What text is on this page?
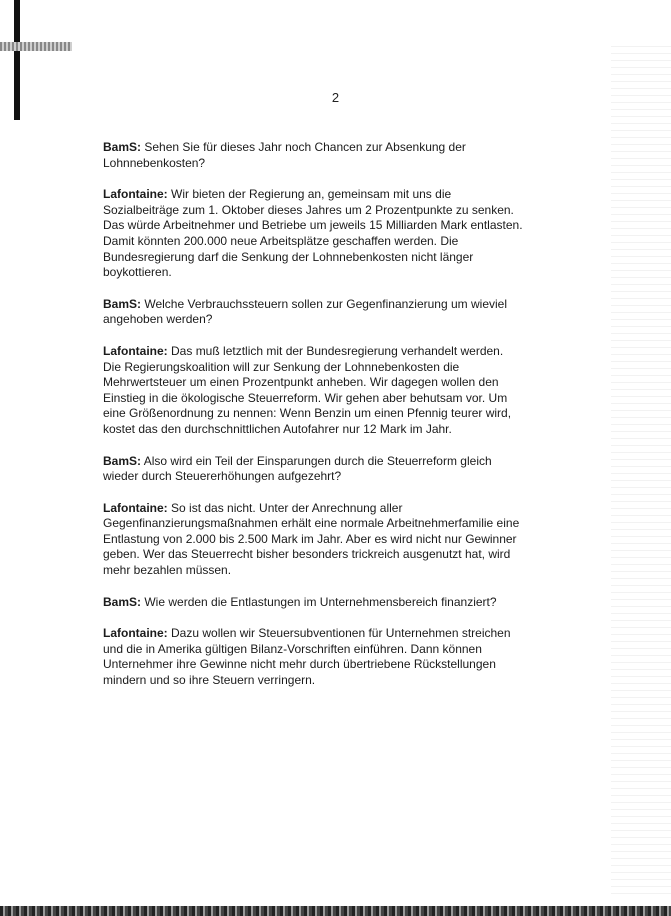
2

BamS: Sehen Sie für dieses Jahr noch Chancen zur Absenkung der Lohnnebenkosten?

Lafontaine: Wir bieten der Regierung an, gemeinsam mit uns die Sozialbeiträge zum 1. Oktober dieses Jahres um 2 Prozentpunkte zu senken. Das würde Arbeitnehmer und Betriebe um jeweils 15 Milliarden Mark entlasten. Damit könnten 200.000 neue Arbeitsplätze geschaffen werden. Die Bundesregierung darf die Senkung der Lohnnebenkosten nicht länger boykottieren.

BamS: Welche Verbrauchssteuern sollen zur Gegenfinanzierung um wieviel angehoben werden?

Lafontaine: Das muß letztlich mit der Bundesregierung verhandelt werden. Die Regierungskoalition will zur Senkung der Lohnnebenkosten die Mehrwertsteuer um einen Prozentpunkt anheben. Wir dagegen wollen den Einstieg in die ökologische Steuerreform. Wir gehen aber behutsam vor. Um eine Größenordnung zu nennen: Wenn Benzin um einen Pfennig teurer wird, kostet das den durchschnittlichen Autofahrer nur 12 Mark im Jahr.

BamS: Also wird ein Teil der Einsparungen durch die Steuerreform gleich wieder durch Steuererhöhungen aufgezehrt?

Lafontaine: So ist das nicht. Unter der Anrechnung aller Gegenfinanzierungsmaßnahmen erhält eine normale Arbeitnehmerfamilie eine Entlastung von 2.000 bis 2.500 Mark im Jahr. Aber es wird nicht nur Gewinner geben. Wer das Steuerrecht bisher besonders trickreich ausgenutzt hat, wird mehr bezahlen müssen.

BamS: Wie werden die Entlastungen im Unternehmensbereich finanziert?

Lafontaine: Dazu wollen wir Steuersubventionen für Unternehmen streichen und die in Amerika gültigen Bilanz-Vorschriften einführen. Dann können Unternehmer ihre Gewinne nicht mehr durch übertriebene Rückstellungen mindern und so ihre Steuern verringern.
